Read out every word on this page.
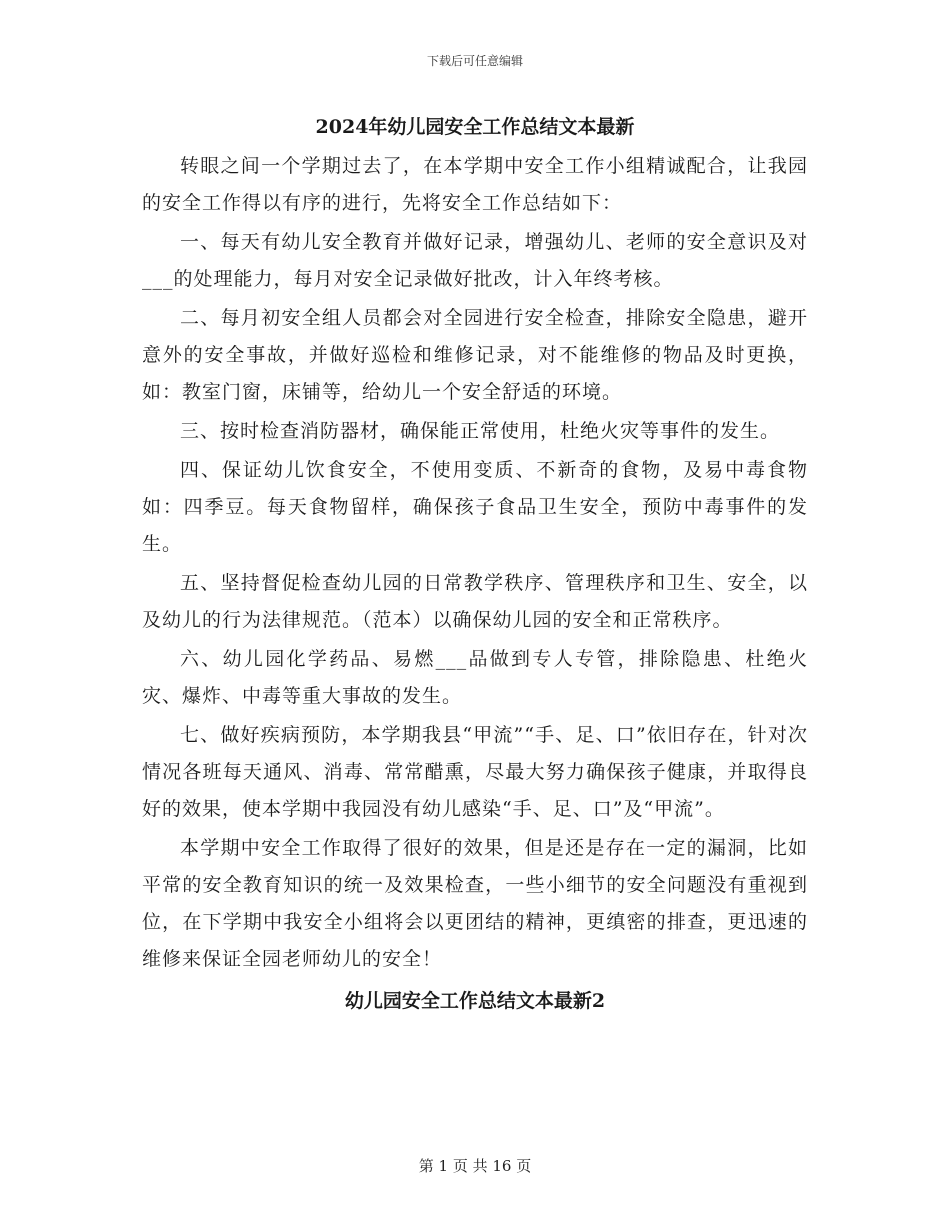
下载后可任意编辑
2024年幼儿园安全工作总结文本最新

转眼之间一个学期过去了，在本学期中安全工作小组精诚配合，让我园的安全工作得以有序的进行，先将安全工作总结如下：

一、每天有幼儿安全教育并做好记录，增强幼儿、老师的安全意识及对___的处理能力，每月对安全记录做好批改，计入年终考核。

二、每月初安全组人员都会对全园进行安全检查，排除安全隐患，避开意外的安全事故，并做好巡检和维修记录，对不能维修的物品及时更换，如：教室门窗，床铺等，给幼儿一个安全舒适的环境。

三、按时检查消防器材，确保能正常使用，杜绝火灾等事件的发生。

四、保证幼儿饮食安全，不使用变质、不新奇的食物，及易中毒食物如：四季豆。每天食物留样，确保孩子食品卫生安全，预防中毒事件的发生。

五、坚持督促检查幼儿园的日常教学秩序、管理秩序和卫生、安全，以及幼儿的行为法律规范。（范本）以确保幼儿园的安全和正常秩序。

六、幼儿园化学药品、易燃___品做到专人专管，排除隐患、杜绝火灾、爆炸、中毒等重大事故的发生。

七、做好疾病预防，本学期我县“甲流”“手、足、口”依旧存在，针对次情况各班每天通风、消毒、常常醋熏，尽最大努力确保孩子健康，并取得良好的效果，使本学期中我园没有幼儿感染“手、足、口”及“甲流”。

本学期中安全工作取得了很好的效果，但是还是存在一定的漏洞，比如平常的安全教育知识的统一及效果检查，一些小细节的安全问题没有重视到位，在下学期中我安全小组将会以更团结的精神，更缜密的排查，更迅速的维修来保证全园老师幼儿的安全！

幼儿园安全工作总结文本最新2
第 1 页 共 16 页
